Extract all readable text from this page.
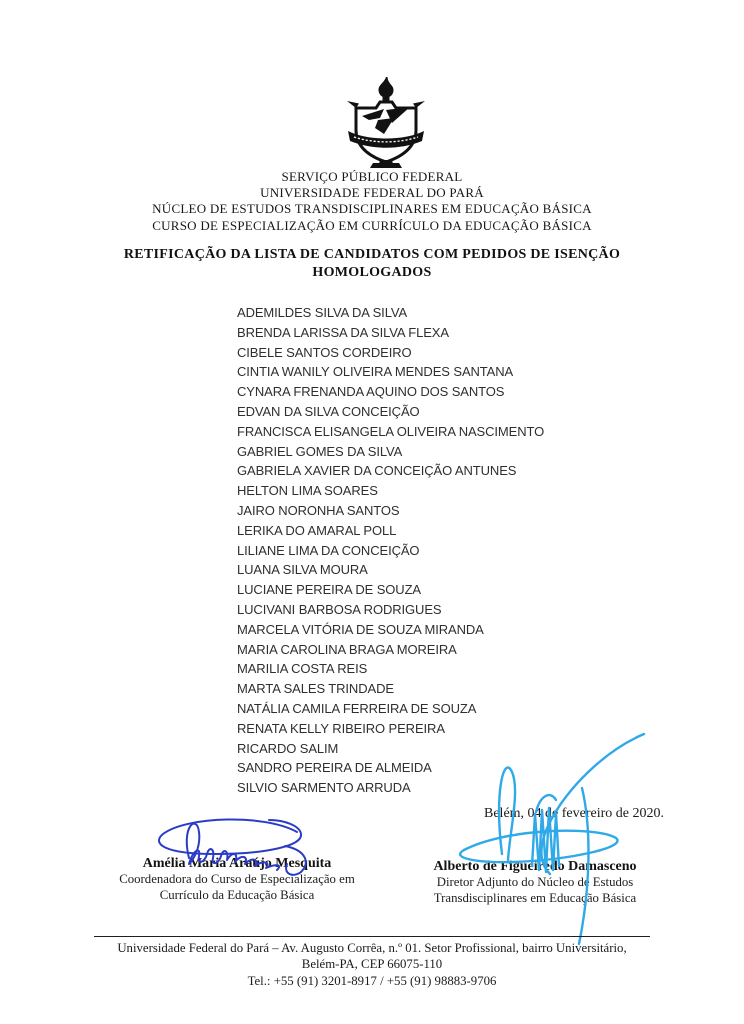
SERVIÇO PÚBLICO FEDERAL
UNIVERSIDADE FEDERAL DO PARÁ
NÚCLEO DE ESTUDOS TRANSDISCIPLINARES EM EDUCAÇÃO BÁSICA
CURSO DE ESPECIALIZAÇÃO EM CURRÍCULO DA EDUCAÇÃO BÁSICA
RETIFICAÇÃO DA LISTA DE CANDIDATOS COM PEDIDOS DE ISENÇÃO
HOMOLOGADOS
ADEMILDES SILVA DA SILVA
BRENDA LARISSA DA SILVA FLEXA
CIBELE SANTOS CORDEIRO
CINTIA WANILY OLIVEIRA MENDES SANTANA
CYNARA FRENANDA AQUINO DOS SANTOS
EDVAN DA SILVA CONCEIÇÃO
FRANCISCA ELISANGELA OLIVEIRA NASCIMENTO
GABRIEL GOMES DA SILVA
GABRIELA XAVIER DA CONCEIÇÃO ANTUNES
HELTON LIMA SOARES
JAIRO NORONHA SANTOS
LERIKA DO AMARAL POLL
LILIANE LIMA DA CONCEIÇÃO
LUANA SILVA MOURA
LUCIANE PEREIRA DE SOUZA
LUCIVANI BARBOSA RODRIGUES
MARCELA VITÓRIA DE SOUZA MIRANDA
MARIA CAROLINA BRAGA MOREIRA
MARILIA COSTA REIS
MARTA SALES TRINDADE
NATÁLIA CAMILA FERREIRA DE SOUZA
RENATA KELLY RIBEIRO PEREIRA
RICARDO SALIM
SANDRO PEREIRA DE ALMEIDA
SILVIO SARMENTO ARRUDA
Belém, 04 de fevereiro de 2020.
Amélia Maria Araújo Mesquita
Coordenadora do Curso de Especialização em
Currículo da Educação Básica
Alberto de Figueiredo Damasceno
Diretor Adjunto do Núcleo de Estudos
Transdisciplinares em Educação Básica
Universidade Federal do Pará – Av. Augusto Corrêa, n.º 01. Setor Profissional, bairro Universitário,
Belém-PA, CEP 66075-110
Tel.: +55 (91) 3201-8917 / +55 (91) 98883-9706
